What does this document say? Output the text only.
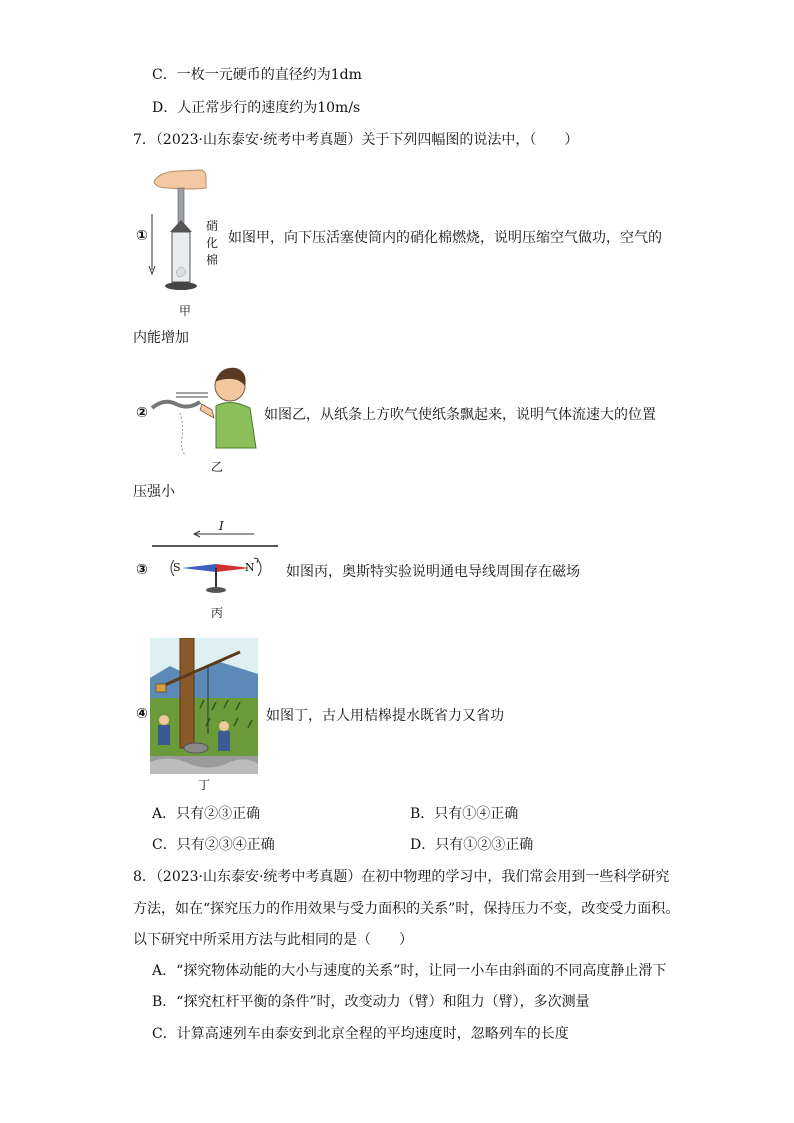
C．一枚一元硬币的直径约为1dm
D．人正常步行的速度约为10m/s
7．（2023·山东泰安·统考中考真题）关于下列四幅图的说法中，（　　）
①
硝化棉
甲
如图甲，向下压活塞使筒内的硝化棉燃烧，说明压缩空气做功，空气的
内能增加
②
乙
如图乙，从纸条上方吹气使纸条飘起来，说明气体流速大的位置
压强小
③
I
S	N
丙
如图丙，奥斯特实验说明通电导线周围存在磁场
④
丁
如图丁，古人用桔槔提水既省力又省功
A．只有②③正确	B．只有①④正确
C．只有②③④正确	D．只有①②③正确
8．（2023·山东泰安·统考中考真题）在初中物理的学习中，我们常会用到一些科学研究
方法，如在“探究压力的作用效果与受力面积的关系”时，保持压力不变，改变受力面积。
以下研究中所采用方法与此相同的是（　　）
A．“探究物体动能的大小与速度的关系”时，让同一小车由斜面的不同高度静止滑下
B．“探究杠杆平衡的条件”时，改变动力（臂）和阻力（臂），多次测量
C．计算高速列车由泰安到北京全程的平均速度时，忽略列车的长度
